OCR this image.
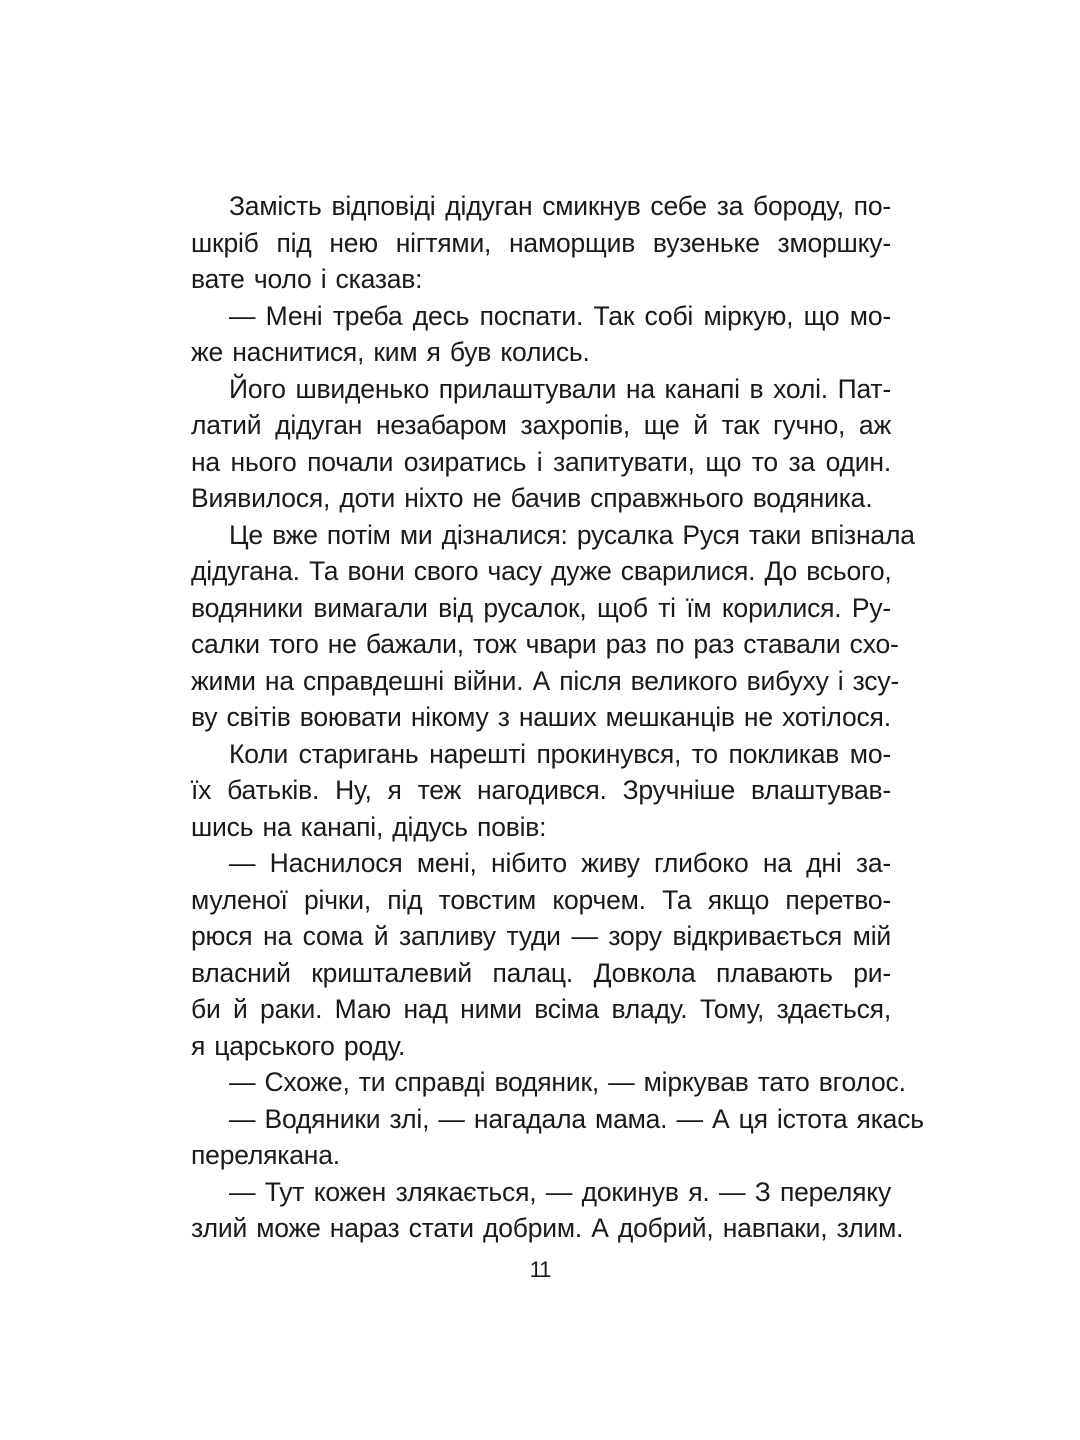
Замість відповіді дідуган смикнув себе за бороду, по-
шкріб під нею нігтями, наморщив вузеньке зморшку-
вате чоло і сказав:
— Мені треба десь поспати. Так собі міркую, що мо-
же наснитися, ким я був колись.
Його швиденько прилаштували на канапі в холі. Пат-
латий дідуган незабаром захропів, ще й так гучно, аж
на нього почали озиратись і запитувати, що то за один.
Виявилося, доти ніхто не бачив справжнього водяника.
Це вже потім ми дізналися: русалка Руся таки впізнала
дідугана. Та вони свого часу дуже сварилися. До всього,
водяники вимагали від русалок, щоб ті їм корилися. Ру-
салки того не бажали, тож чвари раз по раз ставали схо-
жими на справдешні війни. А після великого вибуху і зсу-
ву світів воювати нікому з наших мешканців не хотілося.
Коли старигань нарешті прокинувся, то покликав мо-
їх батьків. Ну, я теж нагодився. Зручніше влаштував-
шись на канапі, дідусь повів:
— Наснилося мені, нібито живу глибоко на дні за-
муленої річки, під товстим корчем. Та якщо перетво-
рюся на сома й запливу туди — зору відкривається мій
власний кришталевий палац. Довкола плавають ри-
би й раки. Маю над ними всіма владу. Тому, здається,
я царського роду.
— Схоже, ти справді водяник, — міркував тато вголос.
— Водяники злі, — нагадала мама. — А ця істота якась
перелякана.
— Тут кожен злякається, — докинув я. — З переляку
злий може нараз стати добрим. А добрий, навпаки, злим.
11
